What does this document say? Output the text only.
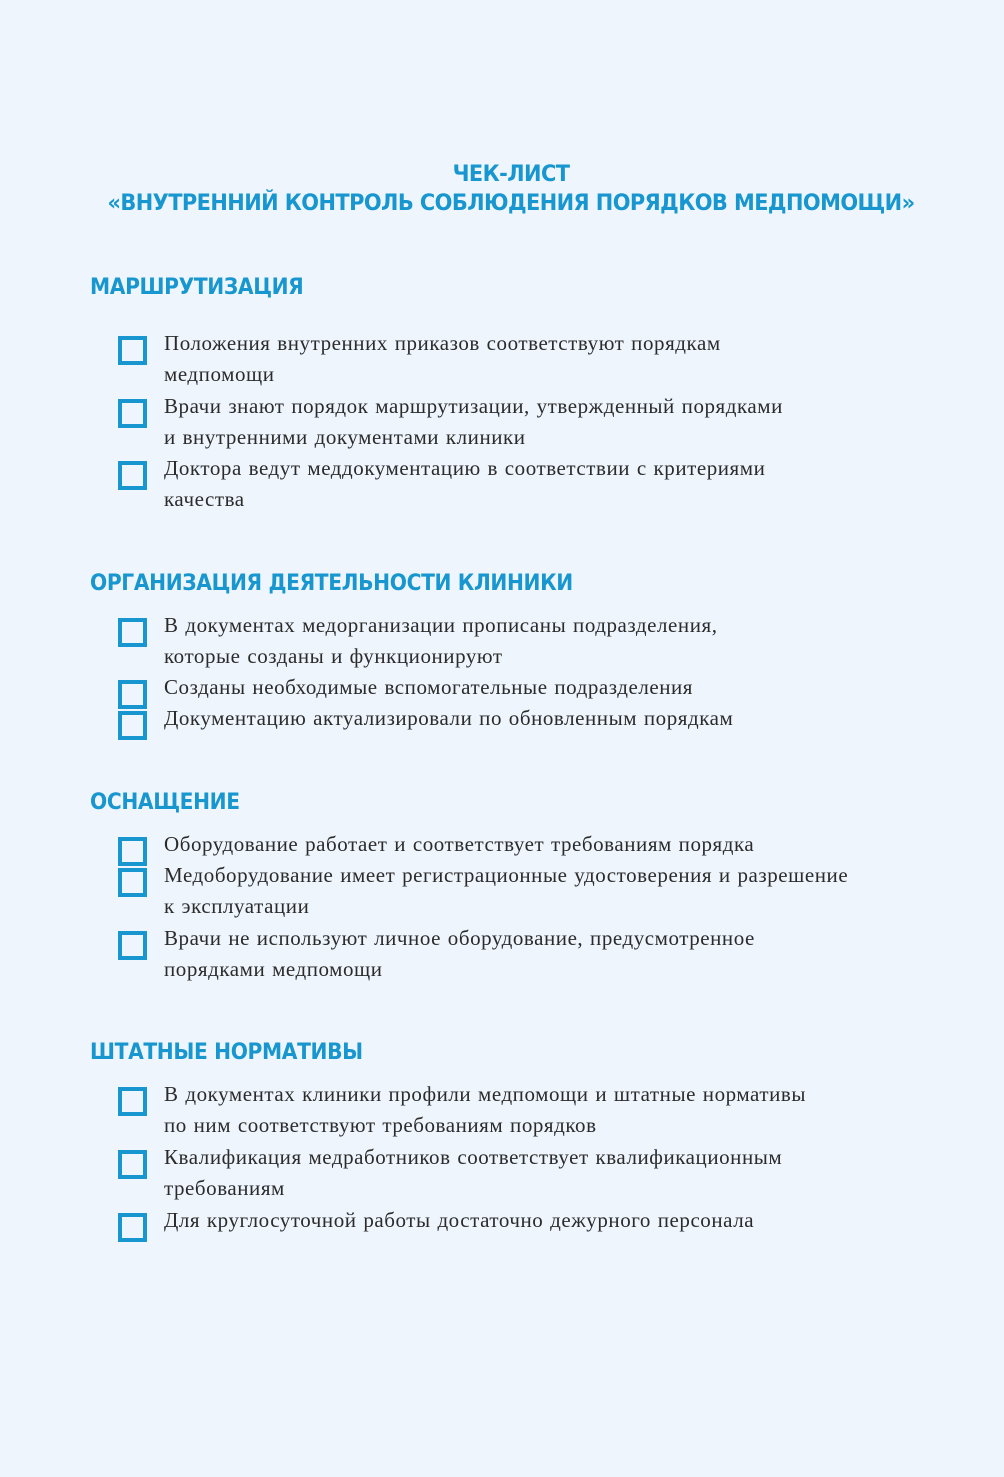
ЧЕК-ЛИСТ
«ВНУТРЕННИЙ КОНТРОЛЬ СОБЛЮДЕНИЯ ПОРЯДКОВ МЕДПОМОЩИ»
МАРШРУТИЗАЦИЯ
Положения внутренних приказов соответствуют порядкам
медпомощи
Врачи знают порядок маршрутизации, утвержденный порядками
и внутренними документами клиники
Доктора ведут меддокументацию в соответствии с критериями
качества
ОРГАНИЗАЦИЯ ДЕЯТЕЛЬНОСТИ КЛИНИКИ
В документах медорганизации прописаны подразделения,
которые созданы и функционируют
Созданы необходимые вспомогательные подразделения
Документацию актуализировали по обновленным порядкам
ОСНАЩЕНИЕ
Оборудование работает и соответствует требованиям порядка
Медоборудование имеет регистрационные удостоверения и разрешение
к эксплуатации
Врачи не используют личное оборудование, предусмотренное
порядками медпомощи
ШТАТНЫЕ НОРМАТИВЫ
В документах клиники профили медпомощи и штатные нормативы
по ним соответствуют требованиям порядков
Квалификация медработников соответствует квалификационным
требованиям
Для круглосуточной работы достаточно дежурного персонала
